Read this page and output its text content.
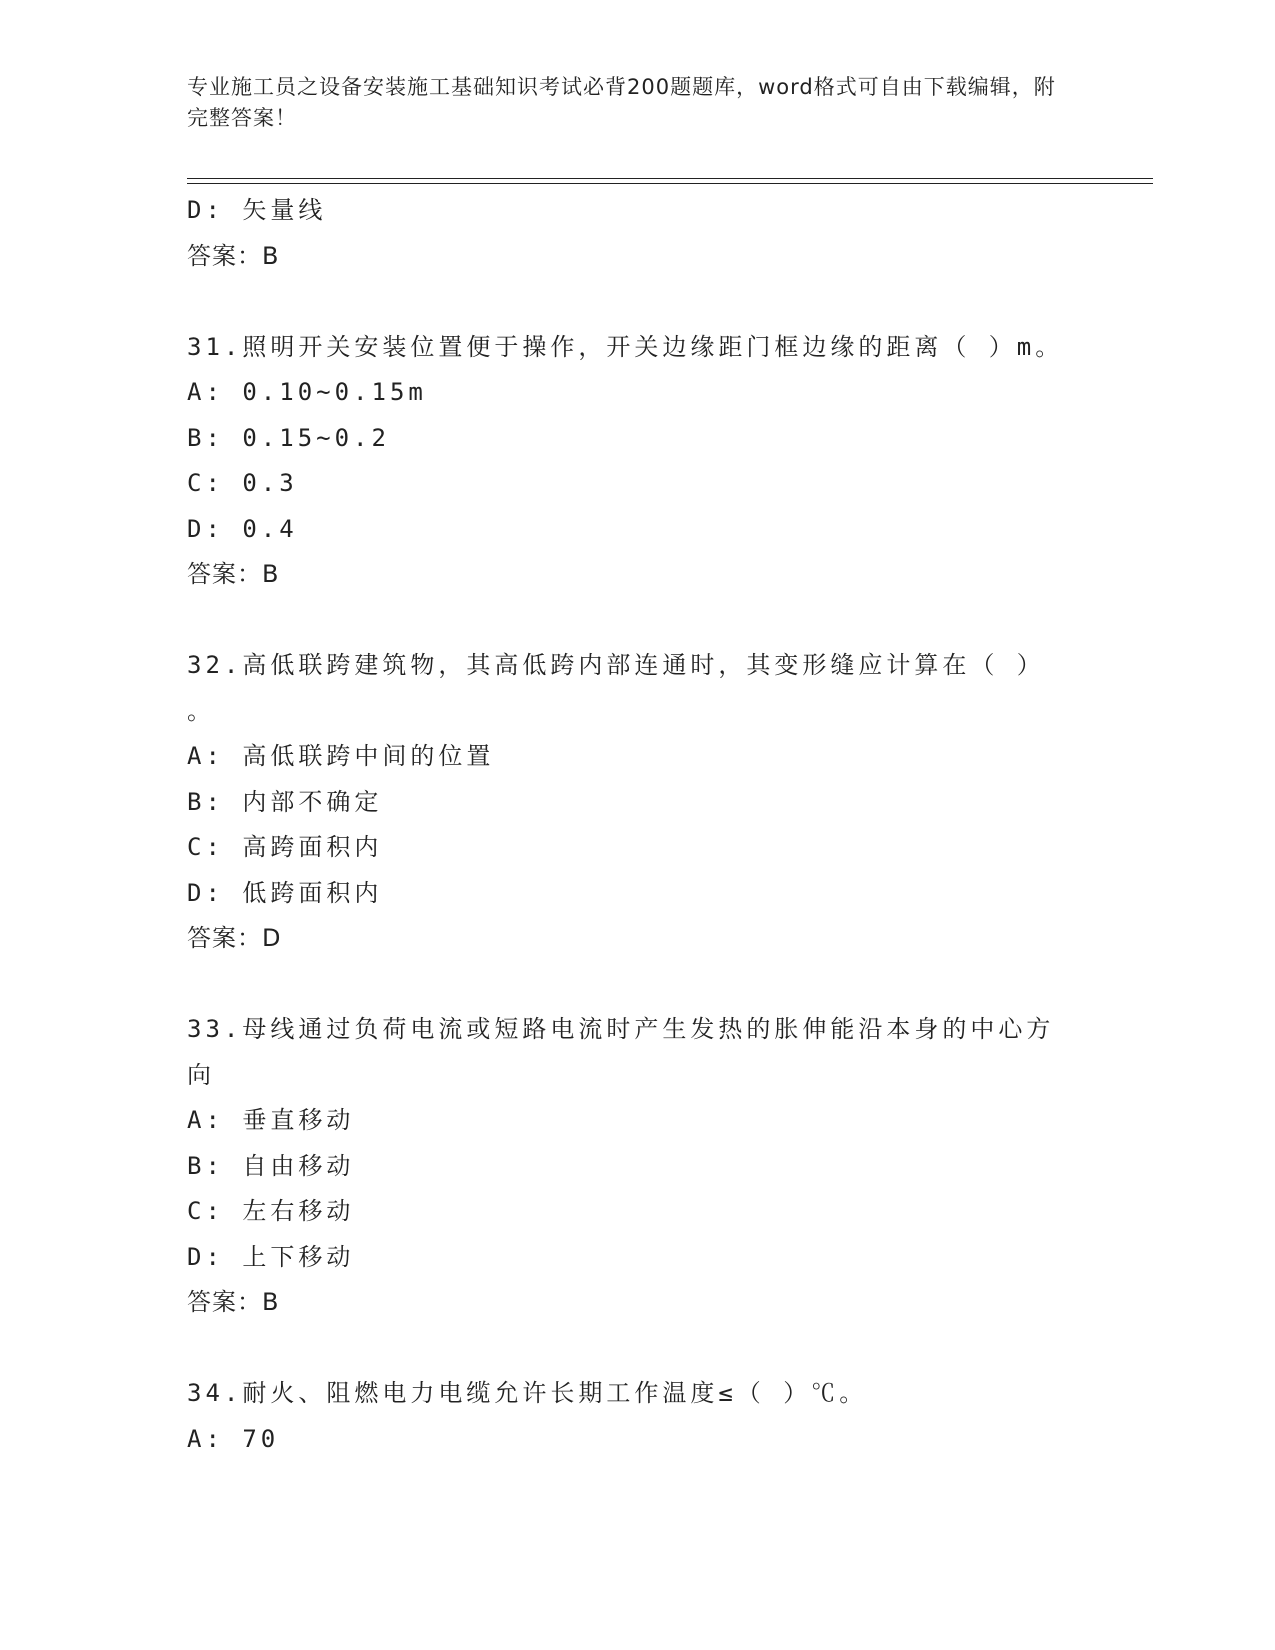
专业施工员之设备安装施工基础知识考试必背200题题库，word格式可自由下载编辑，附完整答案！
D: 矢量线
答案：B
31.照明开关安装位置便于操作，开关边缘距门框边缘的距离（ ）m。
A: 0.10~0.15m
B: 0.15~0.2
C: 0.3
D: 0.4
答案：B
32.高低联跨建筑物，其高低跨内部连通时，其变形缝应计算在（ ）
。
A: 高低联跨中间的位置
B: 内部不确定
C: 高跨面积内
D: 低跨面积内
答案：D
33.母线通过负荷电流或短路电流时产生发热的胀伸能沿本身的中心方
向
A: 垂直移动
B: 自由移动
C: 左右移动
D: 上下移动
答案：B
34.耐火、阻燃电力电缆允许长期工作温度≤（ ）℃。
A: 70
